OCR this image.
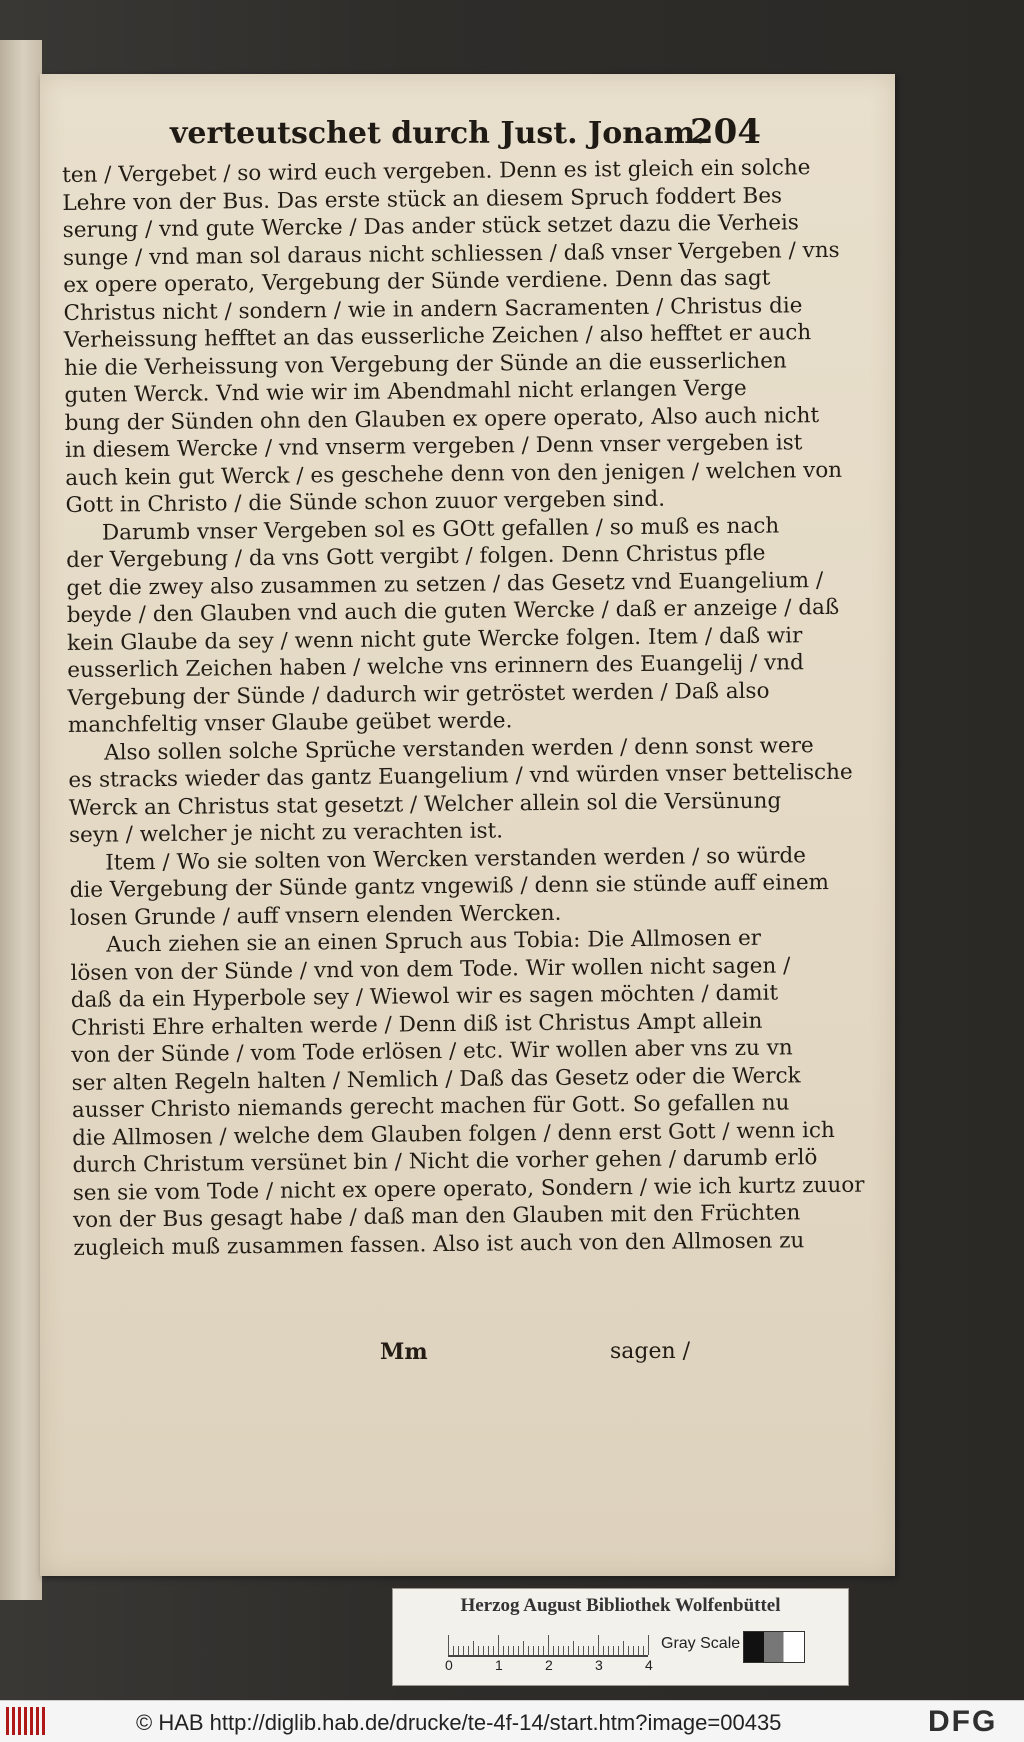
verteutschet durch Just. Jonam.
204
ten / Vergebet / so wird euch vergeben. Denn es ist gleich ein solche
Lehre von der Bus. Das erste stück an diesem Spruch foddert Bes
serung / vnd gute Wercke / Das ander stück setzet dazu die Verheis
sunge / vnd man sol daraus nicht schliessen / daß vnser Vergeben / vns
ex opere operato, Vergebung der Sünde verdiene. Denn das sagt
Christus nicht / sondern / wie in andern Sacramenten / Christus die
Verheissung hefftet an das eusserliche Zeichen / also hefftet er auch
hie die Verheissung von Vergebung der Sünde an die eusserlichen
guten Werck. Vnd wie wir im Abendmahl nicht erlangen Verge
bung der Sünden ohn den Glauben ex opere operato, Also auch nicht
in diesem Wercke / vnd vnserm vergeben / Denn vnser vergeben ist
auch kein gut Werck / es geschehe denn von den jenigen / welchen von
Gott in Christo / die Sünde schon zuuor vergeben sind.
Darumb vnser Vergeben sol es GOtt gefallen / so muß es nach
der Vergebung / da vns Gott vergibt / folgen. Denn Christus pfle
get die zwey also zusammen zu setzen / das Gesetz vnd Euangelium /
beyde / den Glauben vnd auch die guten Wercke / daß er anzeige / daß
kein Glaube da sey / wenn nicht gute Wercke folgen. Item / daß wir
eusserlich Zeichen haben / welche vns erinnern des Euangelij / vnd
Vergebung der Sünde / dadurch wir getröstet werden / Daß also
manchfeltig vnser Glaube geübet werde.
Also sollen solche Sprüche verstanden werden / denn sonst were
es stracks wieder das gantz Euangelium / vnd würden vnser bettelische
Werck an Christus stat gesetzt / Welcher allein sol die Versünung
seyn / welcher je nicht zu verachten ist.
Item / Wo sie solten von Wercken verstanden werden / so würde
die Vergebung der Sünde gantz vngewiß / denn sie stünde auff einem
losen Grunde / auff vnsern elenden Wercken.
Auch ziehen sie an einen Spruch aus Tobia: Die Allmosen er
lösen von der Sünde / vnd von dem Tode. Wir wollen nicht sagen /
daß da ein Hyperbole sey / Wiewol wir es sagen möchten / damit
Christi Ehre erhalten werde / Denn diß ist Christus Ampt allein
von der Sünde / vom Tode erlösen / etc. Wir wollen aber vns zu vn
ser alten Regeln halten / Nemlich / Daß das Gesetz oder die Werck
ausser Christo niemands gerecht machen für Gott. So gefallen nu
die Allmosen / welche dem Glauben folgen / denn erst Gott / wenn ich
durch Christum versünet bin / Nicht die vorher gehen / darumb erlö
sen sie vom Tode / nicht ex opere operato, Sondern / wie ich kurtz zuuor
von der Bus gesagt habe / daß man den Glauben mit den Früchten
zugleich muß zusammen fassen. Also ist auch von den Allmosen zu
Mm	sagen /
Herzog August Bibliothek Wolfenbüttel
0	1	2	3	4
Gray Scale
© HAB http://diglib.hab.de/drucke/te-4f-14/start.htm?image=00435	DFG
